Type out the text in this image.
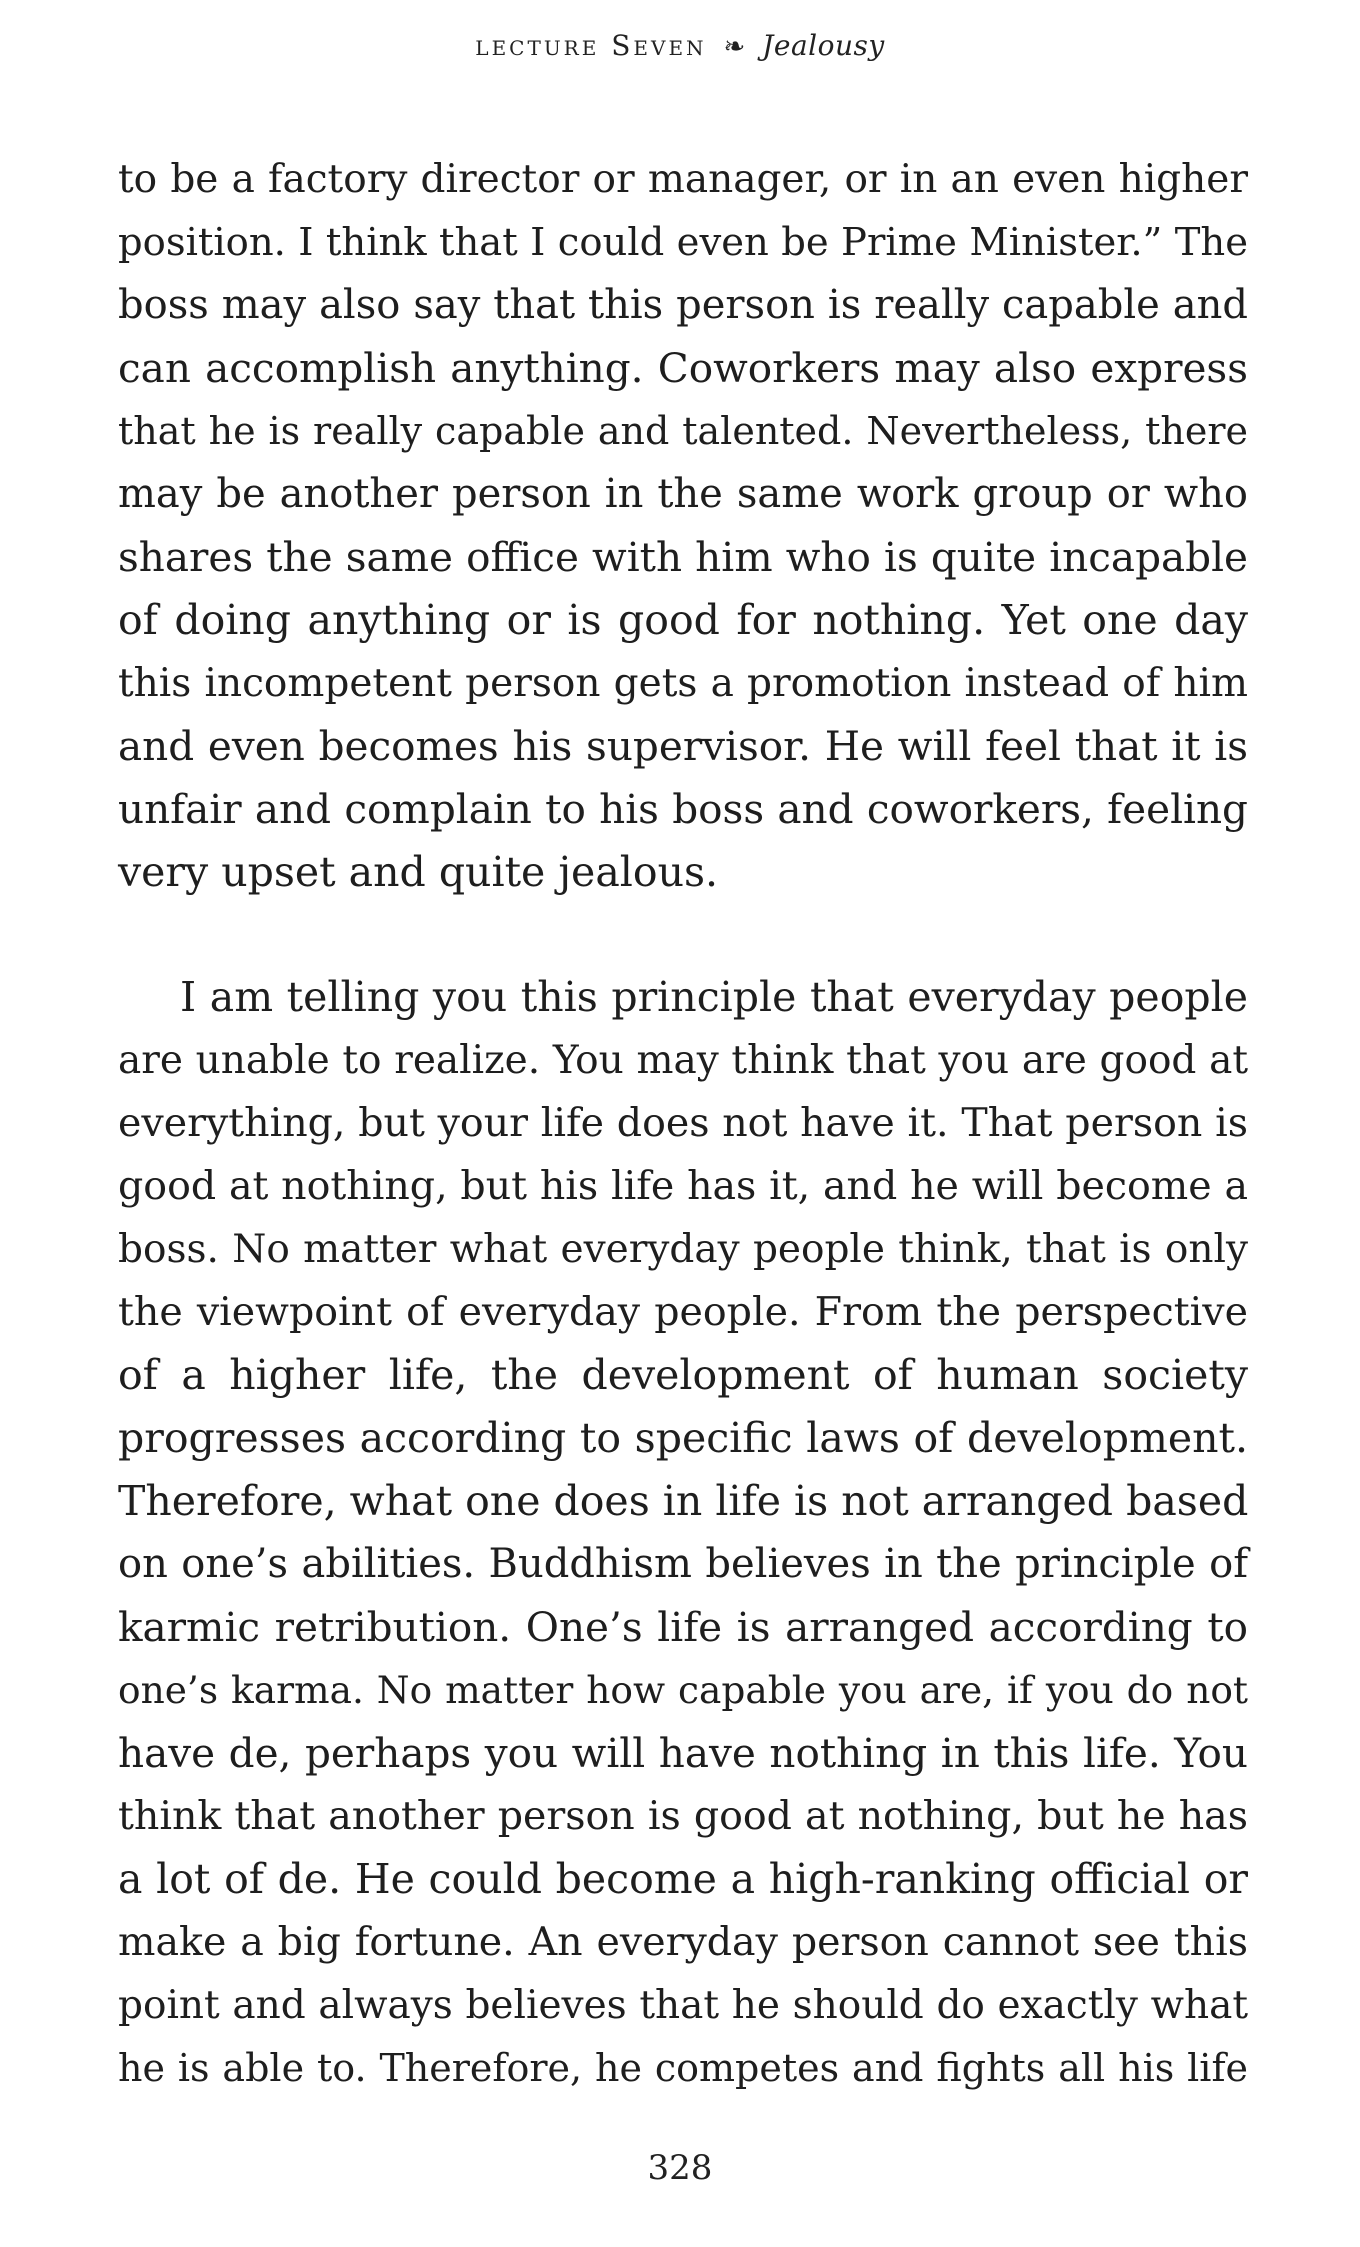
lecture Seven ❧ Jealousy
to be a factory director or manager, or in an even higher
position. I think that I could even be Prime Minister.” The
boss may also say that this person is really capable and
can accomplish anything. Coworkers may also express
that he is really capable and talented. Nevertheless, there
may be another person in the same work group or who
shares the same office with him who is quite incapable
of doing anything or is good for nothing. Yet one day
this incompetent person gets a promotion instead of him
and even becomes his supervisor. He will feel that it is
unfair and complain to his boss and coworkers, feeling
very upset and quite jealous.
I am telling you this principle that everyday people
are unable to realize. You may think that you are good at
everything, but your life does not have it. That person is
good at nothing, but his life has it, and he will become a
boss. No matter what everyday people think, that is only
the viewpoint of everyday people. From the perspective
of a higher life, the development of human society
progresses according to specific laws of development.
Therefore, what one does in life is not arranged based
on one’s abilities. Buddhism believes in the principle of
karmic retribution. One’s life is arranged according to
one’s karma. No matter how capable you are, if you do not
have de, perhaps you will have nothing in this life. You
think that another person is good at nothing, but he has
a lot of de. He could become a high-ranking official or
make a big fortune. An everyday person cannot see this
point and always believes that he should do exactly what
he is able to. Therefore, he competes and fights all his life
328
